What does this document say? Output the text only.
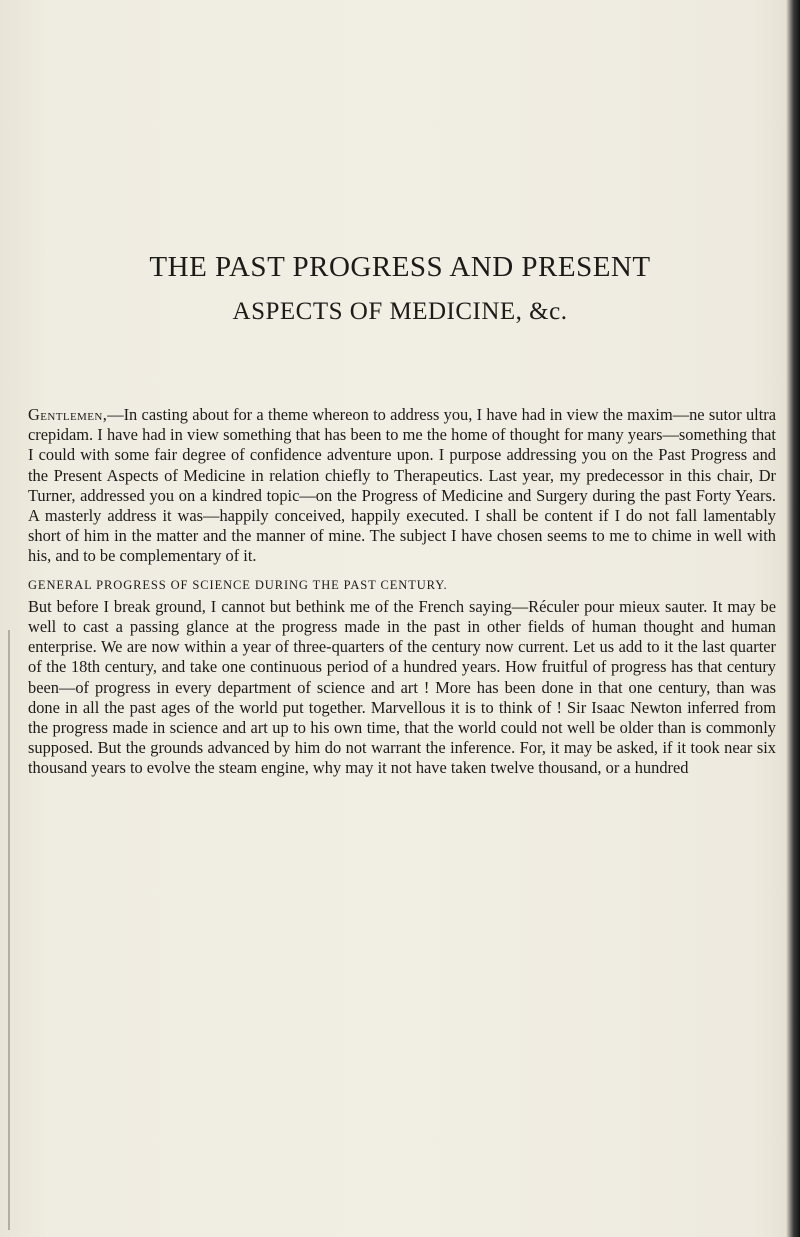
THE PAST PROGRESS AND PRESENT
ASPECTS OF MEDICINE, &c.

Gentlemen,—In casting about for a theme whereon to address you, I have had in view the maxim—ne sutor ultra crepidam. I have had in view something that has been to me the home of thought for many years—something that I could with some fair degree of confidence adventure upon. I purpose addressing you on the Past Progress and the Present Aspects of Medicine in relation chiefly to Therapeutics. Last year, my predecessor in this chair, Dr Turner, addressed you on a kindred topic—on the Progress of Medicine and Surgery during the past Forty Years. A masterly address it was—happily conceived, happily executed. I shall be content if I do not fall lamentably short of him in the matter and the manner of mine. The subject I have chosen seems to me to chime in well with his, and to be complementary of it.

GENERAL PROGRESS OF SCIENCE DURING THE PAST CENTURY.

But before I break ground, I cannot but bethink me of the French saying—Réculer pour mieux sauter. It may be well to cast a passing glance at the progress made in the past in other fields of human thought and human enterprise. We are now within a year of three-quarters of the century now current. Let us add to it the last quarter of the 18th century, and take one continuous period of a hundred years. How fruitful of progress has that century been—of progress in every department of science and art ! More has been done in that one century, than was done in all the past ages of the world put together. Marvellous it is to think of ! Sir Isaac Newton inferred from the progress made in science and art up to his own time, that the world could not well be older than is commonly supposed. But the grounds advanced by him do not warrant the inference. For, it may be asked, if it took near six thousand years to evolve the steam engine, why may it not have taken twelve thousand, or a hundred
